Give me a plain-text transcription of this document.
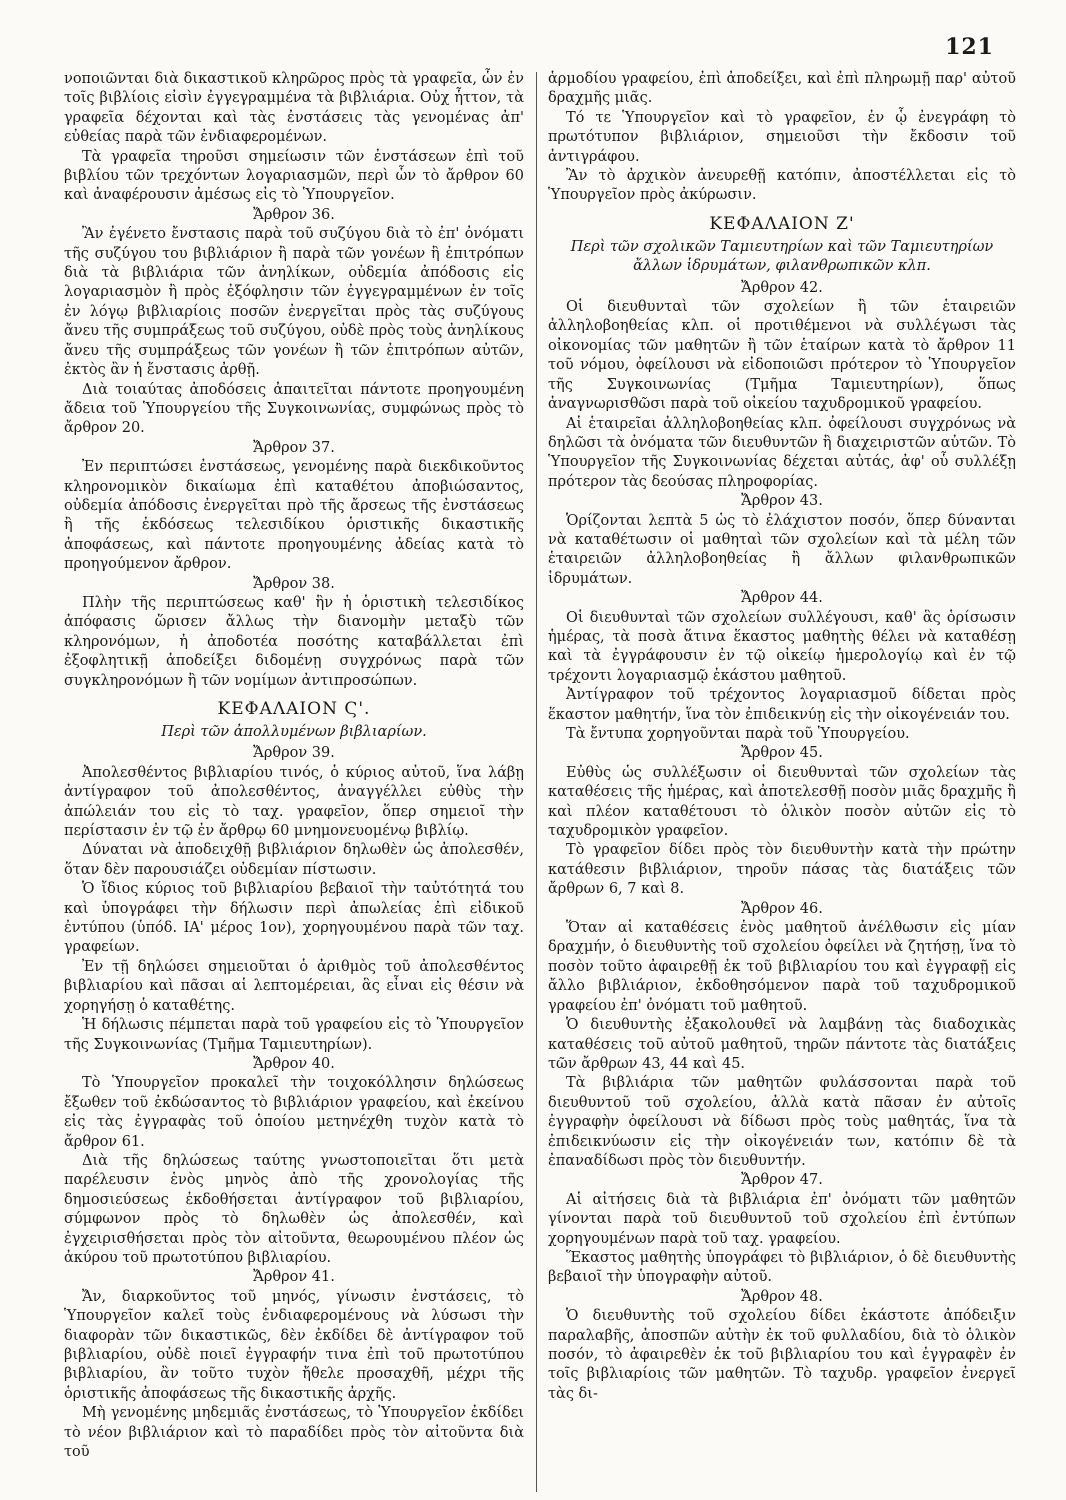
121

νοποιῶνται διὰ δικαστικοῦ κληρῶρος πρὸς τὰ γραφεῖα, ὧν ἐν τοῖς βιβλίοις εἰσὶν ἐγγεγραμμένα τὰ βιβλιάρια. Οὐχ ἧττον, τὰ γραφεῖα δέχονται καὶ τὰς ἐνστάσεις τὰς γενομένας ἀπ' εὐθείας παρὰ τῶν ἐνδιαφερομένων.

Τὰ γραφεῖα τηροῦσι σημείωσιν τῶν ἐνστάσεων ἐπὶ τοῦ βιβλίου τῶν τρεχόντων λογαριασμῶν, περὶ ὧν τὸ ἄρθρον 60 καὶ ἀναφέρουσιν ἀμέσως εἰς τὸ Ὑπουργεῖον.

Ἄρθρον 36.

Ἂν ἐγένετο ἔνστασις παρὰ τοῦ συζύγου διὰ τὸ ἐπ' ὀνόματι τῆς συζύγου του βιβλιάριον ἢ παρὰ τῶν γονέων ἢ ἐπιτρόπων διὰ τὰ βιβλιάρια τῶν ἀνηλίκων, οὐδεμία ἀπόδοσις εἰς λογαριασμὸν ἢ πρὸς ἐξόφλησιν τῶν ἐγγεγραμμένων ἐν τοῖς ἐν λόγῳ βιβλιαρίοις ποσῶν ἐνεργεῖται πρὸς τὰς συζύγους ἄνευ τῆς συμπράξεως τοῦ συζύγου, οὐδὲ πρὸς τοὺς ἀνηλίκους ἄνευ τῆς συμπράξεως τῶν γονέων ἢ τῶν ἐπιτρόπων αὐτῶν, ἐκτὸς ἂν ἡ ἔνστασις ἀρθῇ.

Διὰ τοιαύτας ἀποδόσεις ἀπαιτεῖται πάντοτε προηγουμένη ἄδεια τοῦ Ὑπουργείου τῆς Συγκοινωνίας, συμφώνως πρὸς τὸ ἄρθρον 20.

Ἄρθρον 37.

Ἐν περιπτώσει ἐνστάσεως, γενομένης παρὰ διεκδικοῦντος κληρονομικὸν δικαίωμα ἐπὶ καταθέτου ἀποβιώσαντος, οὐδεμία ἀπόδοσις ἐνεργεῖται πρὸ τῆς ἄρσεως τῆς ἐνστάσεως ἢ τῆς ἐκδόσεως τελεσιδίκου ὁριστικῆς δικαστικῆς ἀποφάσεως, καὶ πάντοτε προηγουμένης ἀδείας κατὰ τὸ προηγούμενον ἄρθρον.

Ἄρθρον 38.

Πλὴν τῆς περιπτώσεως καθ' ἣν ἡ ὁριστικὴ τελεσιδίκος ἀπόφασις ὥρισεν ἄλλως τὴν διανομὴν μεταξὺ τῶν κληρονόμων, ἡ ἀποδοτέα ποσότης καταβάλλεται ἐπὶ ἐξοφλητικῇ ἀποδείξει διδομένῃ συγχρόνως παρὰ τῶν συγκληρονόμων ἢ τῶν νομίμων ἀντιπροσώπων.

ΚΕΦΑΛΑΙΟΝ Ϛ'.
Περὶ τῶν ἀπολλυμένων βιβλιαρίων.
Ἄρθρον 39.

Ἀπολεσθέντος βιβλιαρίου τινός, ὁ κύριος αὐτοῦ, ἵνα λάβῃ ἀντίγραφον τοῦ ἀπολεσθέντος, ἀναγγέλλει εὐθὺς τὴν ἀπώλειάν του εἰς τὸ ταχ. γραφεῖον, ὅπερ σημειοῖ τὴν περίστασιν ἐν τῷ ἐν ἄρθρῳ 60 μνημονευομένῳ βιβλίῳ.

Δύναται νὰ ἀποδειχθῇ βιβλιάριον δηλωθὲν ὡς ἀπολεσθέν, ὅταν δὲν παρουσιάζει οὐδεμίαν πίστωσιν.

Ὁ ἴδιος κύριος τοῦ βιβλιαρίου βεβαιοῖ τὴν ταὐτότητά του καὶ ὑπογράφει τὴν δήλωσιν περὶ ἀπωλείας ἐπὶ εἰδικοῦ ἐντύπου (ὑπόδ. ΙΑ' μέρος 1ον), χορηγουμένου παρὰ τῶν ταχ. γραφείων.

Ἐν τῇ δηλώσει σημειοῦται ὁ ἀριθμὸς τοῦ ἀπολεσθέντος βιβλιαρίου καὶ πᾶσαι αἱ λεπτομέρειαι, ἃς εἶναι εἰς θέσιν νὰ χορηγήσῃ ὁ καταθέτης.

Ἡ δήλωσις πέμπεται παρὰ τοῦ γραφείου εἰς τὸ Ὑπουργεῖον τῆς Συγκοινωνίας (Τμῆμα Ταμιευτηρίων).

Ἄρθρον 40.

Τὸ Ὑπουργεῖον προκαλεῖ τὴν τοιχοκόλλησιν δηλώσεως ἔξωθεν τοῦ ἐκδώσαντος τὸ βιβλιάριον γραφείου, καὶ ἐκείνου εἰς τὰς ἐγγραφὰς τοῦ ὁποίου μετηνέχθη τυχὸν κατὰ τὸ ἄρθρον 61.

Διὰ τῆς δηλώσεως ταύτης γνωστοποιεῖται ὅτι μετὰ παρέλευσιν ἑνὸς μηνὸς ἀπὸ τῆς χρονολογίας τῆς δημοσιεύσεως ἐκδοθήσεται ἀντίγραφον τοῦ βιβλιαρίου, σύμφωνον πρὸς τὸ δηλωθὲν ὡς ἀπολεσθέν, καὶ ἐγχειρισθήσεται πρὸς τὸν αἰτοῦντα, θεωρουμένου πλέον ὡς ἀκύρου τοῦ πρωτοτύπου βιβλιαρίου.

Ἄρθρον 41.

Ἄν, διαρκοῦντος τοῦ μηνός, γίνωσιν ἐνστάσεις, τὸ Ὑπουργεῖον καλεῖ τοὺς ἐνδιαφερομένους νὰ λύσωσι τὴν διαφορὰν τῶν δικαστικῶς, δὲν ἐκδίδει δὲ ἀντίγραφον τοῦ βιβλιαρίου, οὐδὲ ποιεῖ ἐγγραφήν τινα ἐπὶ τοῦ πρωτοτύπου βιβλιαρίου, ἂν τοῦτο τυχὸν ἤθελε προσαχθῆ, μέχρι τῆς ὁριστικῆς ἀποφάσεως τῆς δικαστικῆς ἀρχῆς.

Μὴ γενομένης μηδεμιᾶς ἐνστάσεως, τὸ Ὑπουργεῖον ἐκδίδει τὸ νέον βιβλιάριον καὶ τὸ παραδίδει πρὸς τὸν αἰτοῦντα διὰ τοῦ

ἁρμοδίου γραφείου, ἐπὶ ἀποδείξει, καὶ ἐπὶ πληρωμῇ παρ' αὐτοῦ δραχμῆς μιᾶς.

Τό τε Ὑπουργεῖον καὶ τὸ γραφεῖον, ἐν ᾧ ἐνεγράφη τὸ πρωτότυπον βιβλιάριον, σημειοῦσι τὴν ἔκδοσιν τοῦ ἀντιγράφου.

Ἂν τὸ ἀρχικὸν ἀνευρεθῇ κατόπιν, ἀποστέλλεται εἰς τὸ Ὑπουργεῖον πρὸς ἀκύρωσιν.

ΚΕΦΑΛΑΙΟΝ Ζ'
Περὶ τῶν σχολικῶν Ταμιευτηρίων καὶ τῶν Ταμιευτηρίων ἄλλων ἱδρυμάτων, φιλανθρωπικῶν κλπ.
Ἄρθρον 42.

Οἱ διευθυνταὶ τῶν σχολείων ἢ τῶν ἑταιρειῶν ἀλληλοβοηθείας κλπ. οἱ προτιθέμενοι νὰ συλλέγωσι τὰς οἰκονομίας τῶν μαθητῶν ἢ τῶν ἑταίρων κατὰ τὸ ἄρθρον 11 τοῦ νόμου, ὀφείλουσι νὰ εἰδοποιῶσι πρότερον τὸ Ὑπουργεῖον τῆς Συγκοινωνίας (Τμῆμα Ταμιευτηρίων), ὅπως ἀναγνωρισθῶσι παρὰ τοῦ οἰκείου ταχυδρομικοῦ γραφείου.

Αἱ ἑταιρεῖαι ἀλληλοβοηθείας κλπ. ὀφείλουσι συγχρόνως νὰ δηλῶσι τὰ ὀνόματα τῶν διευθυντῶν ἢ διαχειριστῶν αὐτῶν. Τὸ Ὑπουργεῖον τῆς Συγκοινωνίας δέχεται αὐτάς, ἀφ' οὗ συλλέξῃ πρότερον τὰς δεούσας πληροφορίας.

Ἄρθρον 43.

Ὁρίζονται λεπτὰ 5 ὡς τὸ ἐλάχιστον ποσόν, ὅπερ δύνανται νὰ καταθέτωσιν οἱ μαθηταὶ τῶν σχολείων καὶ τὰ μέλη τῶν ἑταιρειῶν ἀλληλοβοηθείας ἢ ἄλλων φιλανθρωπικῶν ἱδρυμάτων.

Ἄρθρον 44.

Οἱ διευθυνταὶ τῶν σχολείων συλλέγουσι, καθ' ἃς ὁρίσωσιν ἡμέρας, τὰ ποσὰ ἅτινα ἕκαστος μαθητὴς θέλει νὰ καταθέσῃ καὶ τὰ ἐγγράφουσιν ἐν τῷ οἰκείῳ ἡμερολογίῳ καὶ ἐν τῷ τρέχοντι λογαριασμῷ ἑκάστου μαθητοῦ.

Ἀντίγραφον τοῦ τρέχοντος λογαριασμοῦ δίδεται πρὸς ἕκαστον μαθητήν, ἵνα τὸν ἐπιδεικνύῃ εἰς τὴν οἰκογένειάν του.

Τὰ ἔντυπα χορηγοῦνται παρὰ τοῦ Ὑπουργείου.

Ἄρθρον 45.

Εὐθὺς ὡς συλλέξωσιν οἱ διευθυνταὶ τῶν σχολείων τὰς καταθέσεις τῆς ἡμέρας, καὶ ἀποτελεσθῇ ποσὸν μιᾶς δραχμῆς ἢ καὶ πλέον καταθέτουσι τὸ ὁλικὸν ποσὸν αὐτῶν εἰς τὸ ταχυδρομικὸν γραφεῖον.

Τὸ γραφεῖον δίδει πρὸς τὸν διευθυντὴν κατὰ τὴν πρώτην κατάθεσιν βιβλιάριον, τηροῦν πάσας τὰς διατάξεις τῶν ἄρθρων 6, 7 καὶ 8.

Ἄρθρον 46.

Ὅταν αἱ καταθέσεις ἑνὸς μαθητοῦ ἀνέλθωσιν εἰς μίαν δραχμήν, ὁ διευθυντὴς τοῦ σχολείου ὀφείλει νὰ ζητήσῃ, ἵνα τὸ ποσὸν τοῦτο ἀφαιρεθῇ ἐκ τοῦ βιβλιαρίου του καὶ ἐγγραφῇ εἰς ἄλλο βιβλιάριον, ἐκδοθησόμενον παρὰ τοῦ ταχυδρομικοῦ γραφείου ἐπ' ὀνόματι τοῦ μαθητοῦ.

Ὁ διευθυντὴς ἐξακολουθεῖ νὰ λαμβάνῃ τὰς διαδοχικὰς καταθέσεις τοῦ αὐτοῦ μαθητοῦ, τηρῶν πάντοτε τὰς διατάξεις τῶν ἄρθρων 43, 44 καὶ 45.

Τὰ βιβλιάρια τῶν μαθητῶν φυλάσσονται παρὰ τοῦ διευθυντοῦ τοῦ σχολείου, ἀλλὰ κατὰ πᾶσαν ἐν αὐτοῖς ἐγγραφὴν ὀφείλουσι νὰ δίδωσι πρὸς τοὺς μαθητάς, ἵνα τὰ ἐπιδεικνύωσιν εἰς τὴν οἰκογένειάν των, κατόπιν δὲ τὰ ἐπαναδίδωσι πρὸς τὸν διευθυντήν.

Ἄρθρον 47.

Αἱ αἰτήσεις διὰ τὰ βιβλιάρια ἐπ' ὀνόματι τῶν μαθητῶν γίνονται παρὰ τοῦ διευθυντοῦ τοῦ σχολείου ἐπὶ ἐντύπων χορηγουμένων παρὰ τοῦ ταχ. γραφείου.

Ἕκαστος μαθητὴς ὑπογράφει τὸ βιβλιάριον, ὁ δὲ διευθυντὴς βεβαιοῖ τὴν ὑπογραφὴν αὐτοῦ.

Ἄρθρον 48.

Ὁ διευθυντὴς τοῦ σχολείου δίδει ἑκάστοτε ἀπόδειξιν παραλαβῆς, ἀποσπῶν αὐτὴν ἐκ τοῦ φυλλαδίου, διὰ τὸ ὁλικὸν ποσόν, τὸ ἀφαιρεθὲν ἐκ τοῦ βιβλιαρίου του καὶ ἐγγραφὲν ἐν τοῖς βιβλιαρίοις τῶν μαθητῶν. Τὸ ταχυδρ. γραφεῖον ἐνεργεῖ τὰς δι-
